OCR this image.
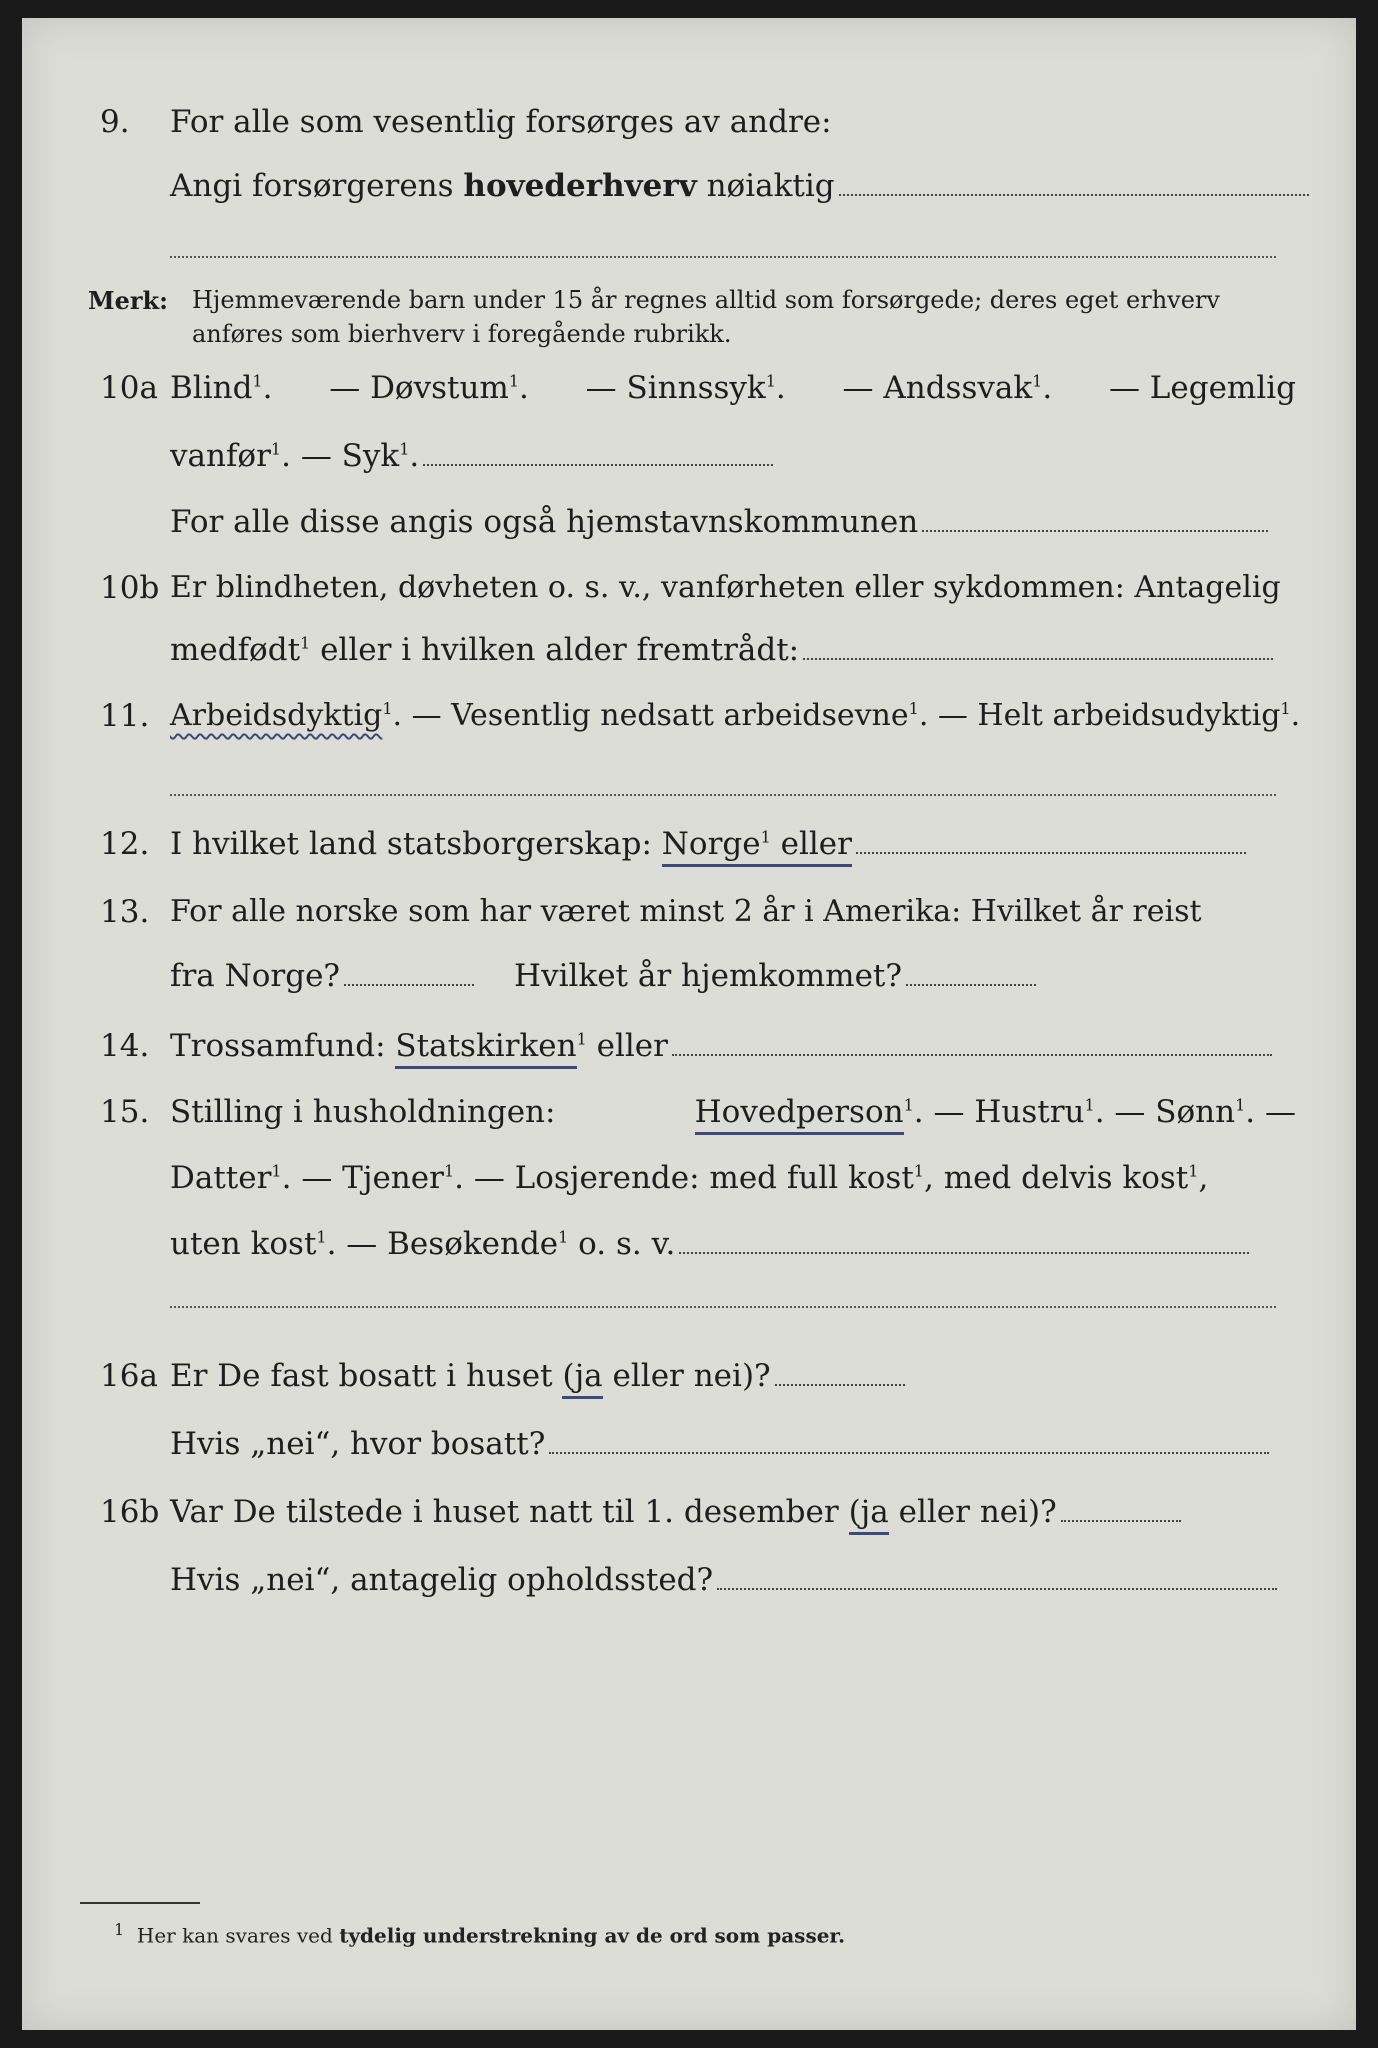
9. For alle som vesentlig forsørges av andre:
Angi forsørgerens hovederhverv nøiaktig
Merk: Hjemmeværende barn under 15 år regnes alltid som forsørgede; deres eget erhverv
anføres som bierhverv i foregående rubrikk.
10a Blind$^1$. — Døvstum$^1$. — Sinnssyk$^1$. — Andssvak$^1$. — Legemlig
vanfør$^1$. — Syk$^1$.
For alle disse angis også hjemstavnskommunen
10b Er blindheten, døvheten o. s. v., vanførheten eller sykdommen: Antagelig
medfødt$^1$ eller i hvilken alder fremtrådt:
11. Arbeidsdyktig$^1$. — Vesentlig nedsatt arbeidsevne$^1$. — Helt arbeidsudyktig$^1$.
12. I hvilket land statsborgerskap: Norge$^1$ eller
13. For alle norske som har været minst 2 år i Amerika: Hvilket år reist
fra Norge?	Hvilket år hjemkommet?
14. Trossamfund: Statskirken$^1$ eller
15. Stilling i husholdningen:	Hovedperson$^1$. — Hustru$^1$. — Sønn$^1$. —
Datter$^1$. — Tjener$^1$. — Losjerende: med full kost$^1$, med delvis kost$^1$,
uten kost$^1$. — Besøkende$^1$ o. s. v.
16a Er De fast bosatt i huset (ja eller nei)?
Hvis „nei“, hvor bosatt?
16b Var De tilstede i huset natt til 1. desember (ja eller nei)?
Hvis „nei“, antagelig opholdssted?
$^1$ Her kan svares ved tydelig understrekning av de ord som passer.
